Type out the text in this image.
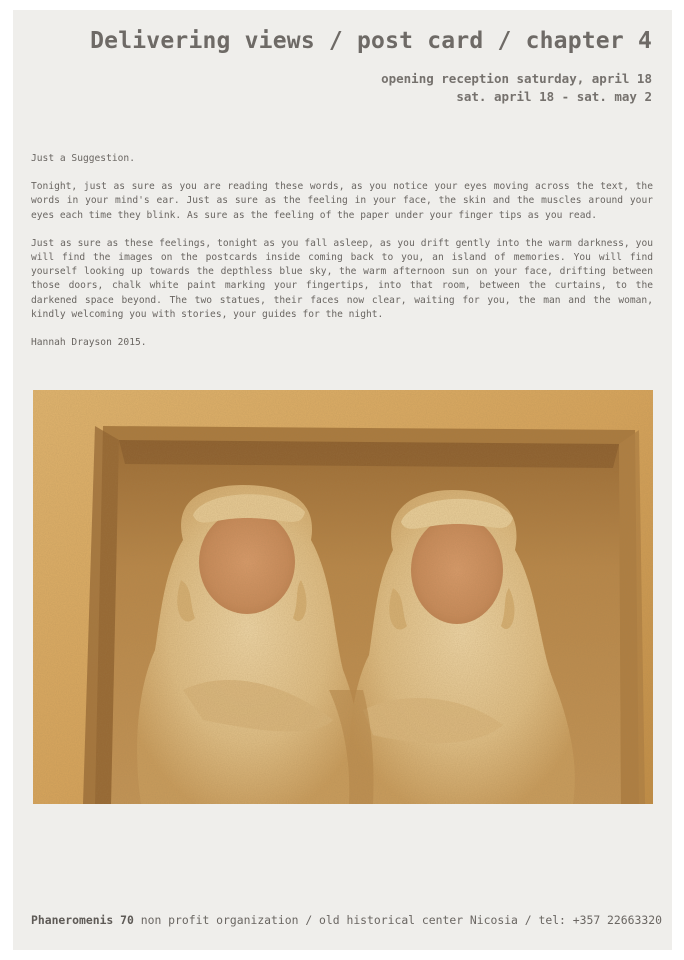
Delivering views / post card / chapter 4
opening reception saturday, april 18
sat. april 18 - sat. may 2

Just a Suggestion.

Tonight, just as sure as you are reading these words, as you notice your eyes moving across the text, the words in your mind's ear. Just as sure as the feeling in your face, the skin and the muscles around your eyes each time they blink. As sure as the feeling of the paper under your finger tips as you read.

Just as sure as these feelings, tonight as you fall asleep, as you drift gently into the warm darkness, you will find the images on the postcards inside coming back to you, an island of memories. You will find yourself looking up towards the depthless blue sky, the warm afternoon sun on your face, drifting between those doors, chalk white paint marking your fingertips, into that room, between the curtains, to the darkened space beyond. The two statues, their faces now clear, waiting for you, the man and the woman, kindly welcoming you with stories, your guides for the night.

Hannah Drayson 2015.

Phaneromenis 70 non profit organization / old historical center Nicosia / tel: +357 22663320
